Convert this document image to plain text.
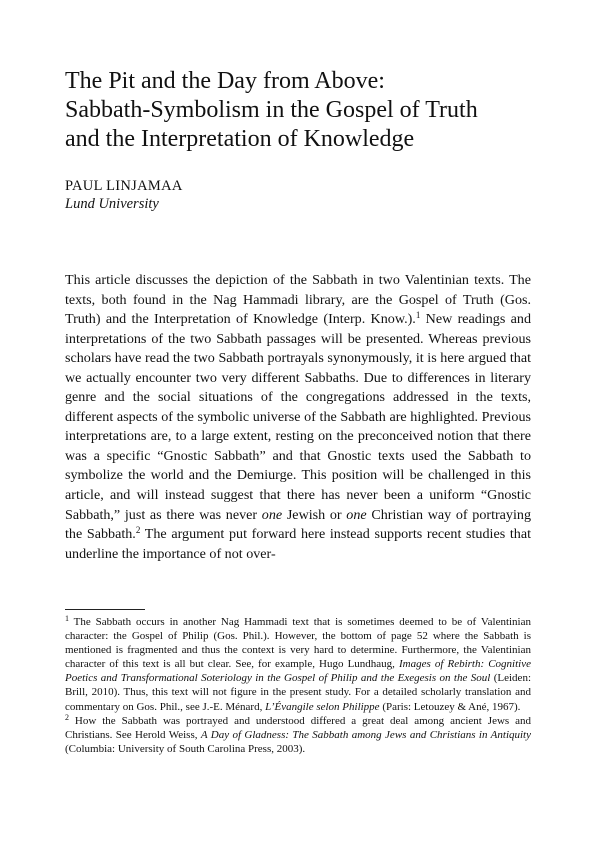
The Pit and the Day from Above:
Sabbath-Symbolism in the Gospel of Truth
and the Interpretation of Knowledge
PAUL LINJAMAA
Lund University

This article discusses the depiction of the Sabbath in two Valentinian texts. The texts, both found in the Nag Hammadi library, are the Gospel of Truth (Gos. Truth) and the Interpretation of Knowledge (Interp. Know.).$^1$ New readings and interpretations of the two Sabbath passages will be presented. Whereas previous scholars have read the two Sabbath portrayals synonymously, it is here argued that we actually encounter two very different Sabbaths. Due to differences in literary genre and the social situations of the congregations addressed in the texts, different aspects of the symbolic universe of the Sabbath are highlighted. Previous interpretations are, to a large extent, resting on the preconceived notion that there was a specific “Gnostic Sabbath” and that Gnostic texts used the Sabbath to symbolize the world and the Demiurge. This position will be challenged in this article, and will instead suggest that there has never been a uniform “Gnostic Sabbath,” just as there was never one Jewish or one Christian way of portraying the Sabbath.$^2$ The argument put forward here instead supports recent studies that underline the importance of not over-

$^1$ The Sabbath occurs in another Nag Hammadi text that is sometimes deemed to be of Valentinian character: the Gospel of Philip (Gos. Phil.). However, the bottom of page 52 where the Sabbath is mentioned is fragmented and thus the context is very hard to determine. Furthermore, the Valentinian character of this text is all but clear. See, for example, Hugo Lundhaug, Images of Rebirth: Cognitive Poetics and Transformational Soteriology in the Gospel of Philip and the Exegesis on the Soul (Leiden: Brill, 2010). Thus, this text will not figure in the present study. For a detailed scholarly translation and commentary on Gos. Phil., see J.-E. Ménard, L’Évangile selon Philippe (Paris: Letouzey & Ané, 1967).

$^2$ How the Sabbath was portrayed and understood differed a great deal among ancient Jews and Christians. See Herold Weiss, A Day of Gladness: The Sabbath among Jews and Christians in Antiquity (Columbia: University of South Carolina Press, 2003).
